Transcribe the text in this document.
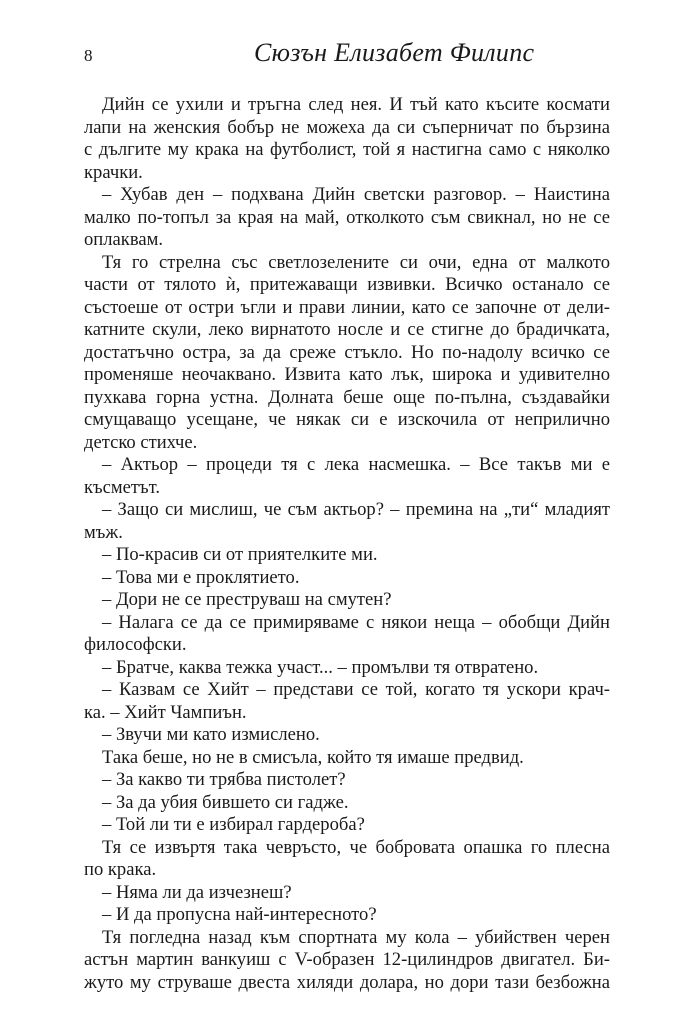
8	Сюзън Елизабет Филипс
Дийн се ухили и тръгна след нея. И тъй като късите космати
лапи на женския бобър не можеха да си съперничат по бързина
с дългите му крака на футболист, той я настигна само с няколко
крачки.
– Хубав ден – подхвана Дийн светски разговор. – Наистина
малко по-топъл за края на май, отколкото съм свикнал, но не се
оплаквам.
Тя го стрелна със светлозелените си очи, една от малкото
части от тялото ѝ, притежаващи извивки. Всичко останало се
състоеше от остри ъгли и прави линии, като се започне от дели-
катните скули, леко вирнатото носле и се стигне до брадичката,
достатъчно остра, за да среже стъкло. Но по-надолу всичко се
променяше неочаквано. Извита като лък, широка и удивително
пухкава горна устна. Долната беше още по-пълна, създавайки
смущаващо усещане, че някак си е изскочила от неприлично
детско стихче.
– Актьор – процеди тя с лека насмешка. – Все такъв ми е
късметът.
– Защо си мислиш, че съм актьор? – премина на „ти“ младият
мъж.
– По-красив си от приятелките ми.
– Това ми е проклятието.
– Дори не се преструваш на смутен?
– Налага се да се примиряваме с някои неща – обобщи Дийн
философски.
– Братче, каква тежка участ... – промълви тя отвратено.
– Казвам се Хийт – представи се той, когато тя ускори крач-
ка. – Хийт Чампиън.
– Звучи ми като измислено.
Така беше, но не в смисъла, който тя имаше предвид.
– За какво ти трябва пистолет?
– За да убия бившето си гадже.
– Той ли ти е избирал гардероба?
Тя се извъртя така чевръсто, че бобровата опашка го плесна
по крака.
– Няма ли да изчезнеш?
– И да пропусна най-интересното?
Тя погледна назад към спортната му кола – убийствен черен
астън мартин ванкуиш с V-образен 12-цилиндров двигател. Би-
жуто му струваше двеста хиляди долара, но дори тази безбожна
